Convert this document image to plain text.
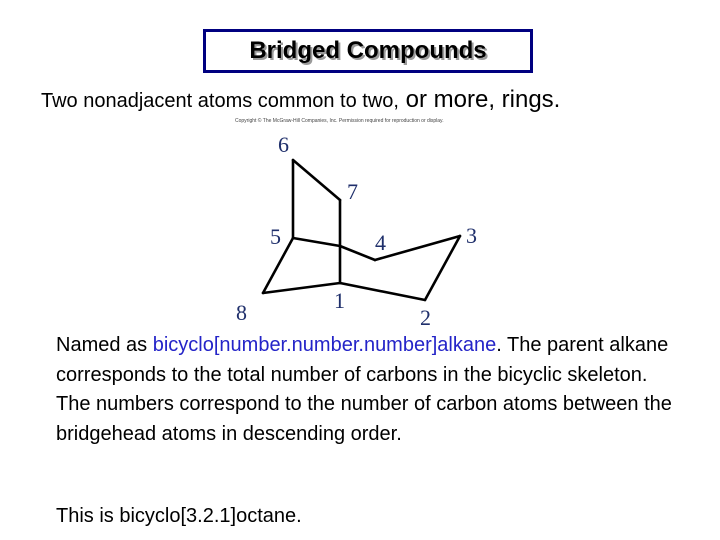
Bridged Compounds
Two nonadjacent atoms common to two, or more, rings.
Copyright © The McGraw-Hill Companies, Inc. Permission required for reproduction or display.
6
7
5	4	3
8	1
2
Named as bicyclo[number.number.number]alkane. The parent alkane corresponds to the total number of carbons in the bicyclic skeleton. The numbers correspond to the number of carbon atoms between the bridgehead atoms in descending order.
This is bicyclo[3.2.1]octane.
